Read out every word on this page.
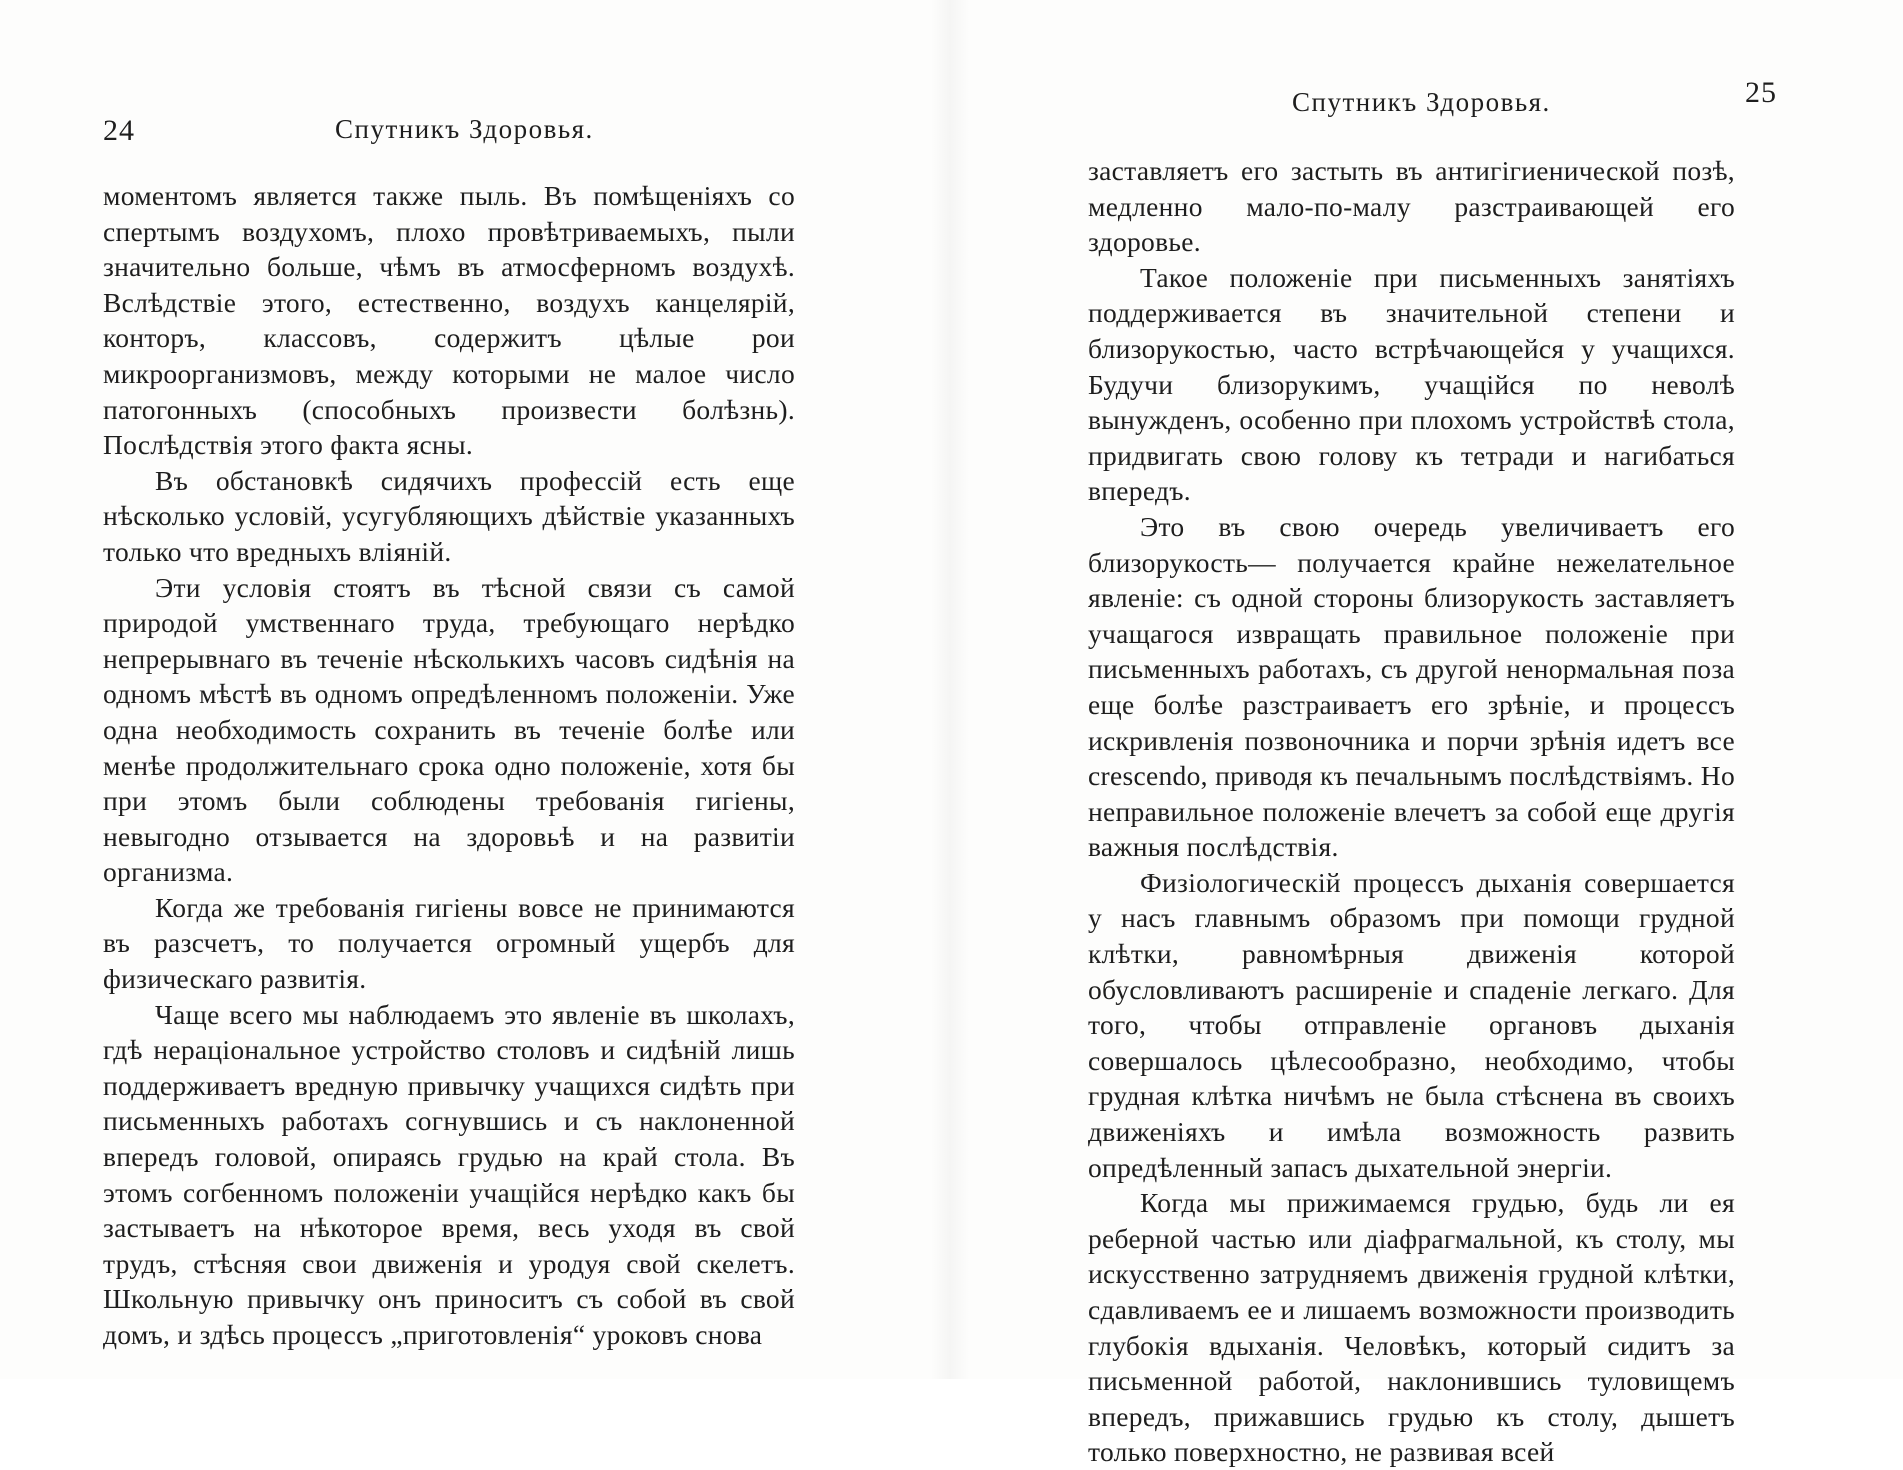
24	Спутникъ Здоровья.

моментомъ является также пыль. Въ помѣщеніяхъ со спертымъ воздухомъ, плохо провѣтриваемыхъ, пыли значительно больше, чѣмъ въ атмосферномъ воздухѣ. Вслѣдствіе этого, естественно, воздухъ канцелярій, конторъ, классовъ, содержитъ цѣлые рои микроорганизмовъ, между которыми не малое число патогонныхъ (способныхъ произвести болѣзнь). Послѣдствія этого факта ясны.

Въ обстановкѣ сидячихъ профессій есть еще нѣсколько условій, усугубляющихъ дѣйствіе указанныхъ только что вредныхъ вліяній.

Эти условія стоятъ въ тѣсной связи съ самой природой умственнаго труда, требующаго нерѣдко непрерывнаго въ теченіе нѣсколькихъ часовъ сидѣнія на одномъ мѣстѣ въ одномъ опредѣленномъ положеніи. Уже одна необходимость сохранить въ теченіе болѣе или менѣе продолжительнаго срока одно положеніе, хотя бы при этомъ были соблюдены требованія гигіены, невыгодно отзывается на здоровьѣ и на развитіи организма.

Когда же требованія гигіены вовсе не принимаются въ разсчетъ, то получается огромный ущербъ для физическаго развитія.

Чаще всего мы наблюдаемъ это явленіе въ школахъ, гдѣ нераціональное устройство столовъ и сидѣній лишь поддерживаетъ вредную привычку учащихся сидѣть при письменныхъ работахъ согнувшись и съ наклоненной впередъ головой, опираясь грудью на край стола. Въ этомъ согбенномъ положеніи учащійся нерѣдко какъ бы застываетъ на нѣкоторое время, весь уходя въ свой трудъ, стѣсняя свои движенія и уродуя свой скелетъ. Школьную привычку онъ приноситъ съ собой въ свой домъ, и здѣсь процессъ „приготовленія“ уроковъ снова

Спутникъ Здоровья.	25

заставляетъ его застыть въ антигігиенической позѣ, медленно мало-по-малу разстраивающей его здоровье.

Такое положеніе при письменныхъ занятіяхъ поддерживается въ значительной степени и близорукостью, часто встрѣчающейся у учащихся. Будучи близорукимъ, учащійся по неволѣ вынужденъ, особенно при плохомъ устройствѣ стола, придвигать свою голову къ тетради и нагибаться впередъ.

Это въ свою очередь увеличиваетъ его близорукость— получается крайне нежелательное явленіе: съ одной стороны близорукость заставляетъ учащагося извращать правильное положеніе при письменныхъ работахъ, съ другой ненормальная поза еще болѣе разстраиваетъ его зрѣніе, и процессъ искривленія позвоночника и порчи зрѣнія идетъ все crescendo, приводя къ печальнымъ послѣдствіямъ. Но неправильное положеніе влечетъ за собой еще другія важныя послѣдствія.

Физіологическій процессъ дыханія совершается у насъ главнымъ образомъ при помощи грудной клѣтки, равномѣрныя движенія которой обусловливаютъ расширеніе и спаденіе легкаго. Для того, чтобы отправленіе органовъ дыханія совершалось цѣлесообразно, необходимо, чтобы грудная клѣтка ничѣмъ не была стѣснена въ своихъ движеніяхъ и имѣла возможность развить опредѣленный запасъ дыхательной энергіи.

Когда мы прижимаемся грудью, будь ли ея реберной частью или діафрагмальной, къ столу, мы искусственно затрудняемъ движенія грудной клѣтки, сдавливаемъ ее и лишаемъ возможности производить глубокія вдыханія. Человѣкъ, который сидитъ за письменной работой, наклонившись туловищемъ впередъ, прижавшись грудью къ столу, дышетъ только поверхностно, не развивая всей
